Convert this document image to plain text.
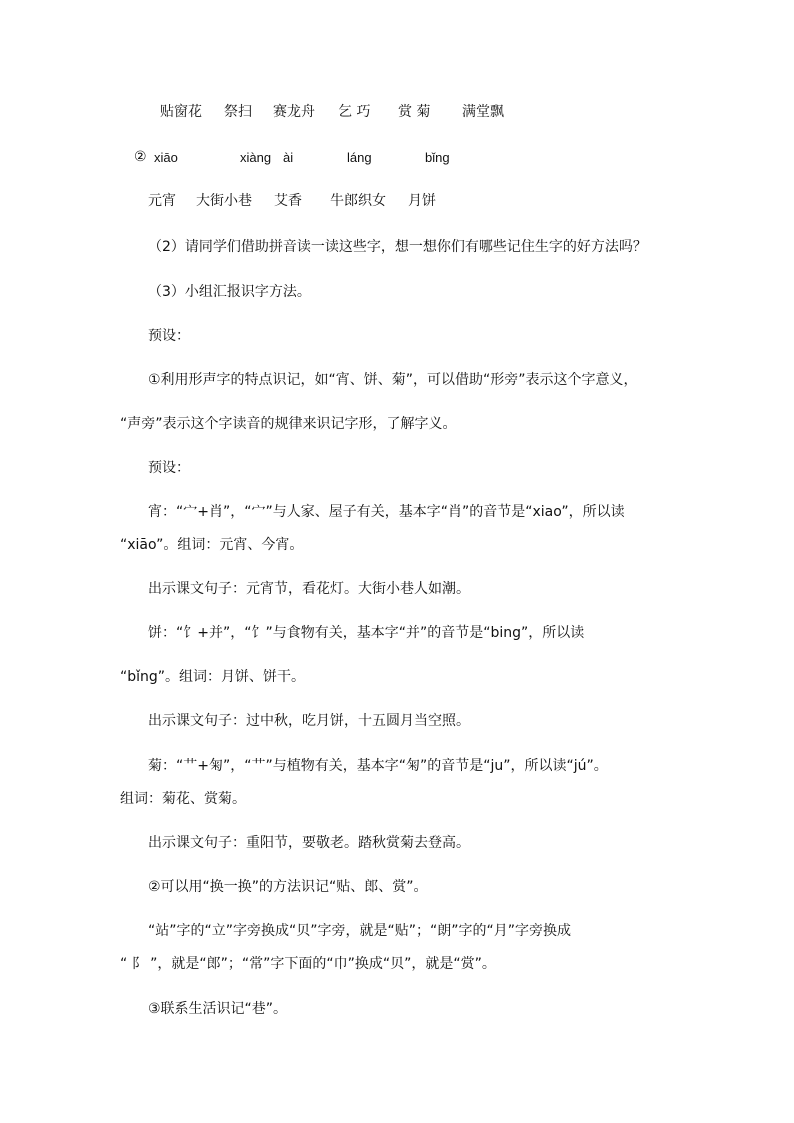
贴窗花 祭扫 赛龙舟 乞 巧 赏 菊 满堂飘
② xiāo	xiàng ài	láng	bǐng
元宵 大街小巷 艾香 牛郎织女 月饼
（2）请同学们借助拼音读一读这些字，想一想你们有哪些记住生字的好方法吗？
（3）小组汇报识字方法。
预设：
①利用形声字的特点识记，如“宵、饼、菊”，可以借助“形旁”表示这个字意义，
“声旁”表示这个字读音的规律来识记字形，了解字义。
预设：
宵：“宀+肖”，“宀”与人家、屋子有关，基本字“肖”的音节是“xiao”，所以读
“xiāo”。组词：元宵、今宵。
出示课文句子：元宵节，看花灯。大街小巷人如潮。
饼：“饣+并”，“饣”与食物有关，基本字“并”的音节是“bing”，所以读
“bǐng”。组词：月饼、饼干。
出示课文句子：过中秋，吃月饼，十五圆月当空照。
菊：“艹+匊”，“艹”与植物有关，基本字“匊”的音节是“ju”，所以读“jú”。
组词：菊花、赏菊。
出示课文句子：重阳节，要敬老。踏秋赏菊去登高。
②可以用“换一换”的方法识记“贴、郎、赏”。
“站”字的“立”字旁换成“贝”字旁，就是“贴”；“朗”字的“月”字旁换成
“ 阝 ”，就是“郎”；“常”字下面的“巾”换成“贝”，就是“赏”。
③联系生活识记“巷”。
